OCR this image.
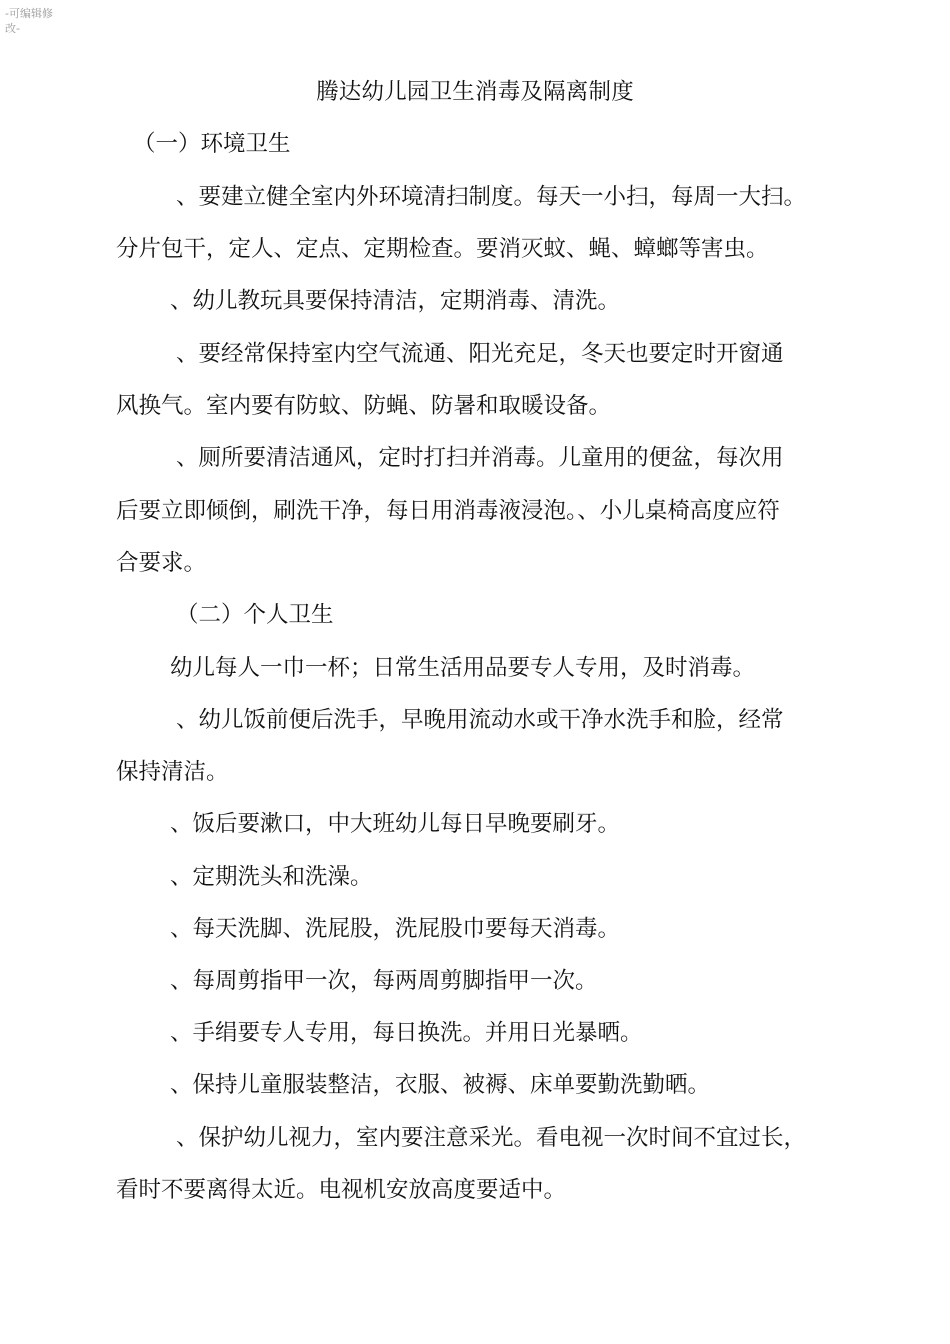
-可编辑修改-
腾达幼儿园卫生消毒及隔离制度
（一）环境卫生
、要建立健全室内外环境清扫制度。每天一小扫，每周一大扫。
分片包干，定人、定点、定期检查。要消灭蚊、蝇、蟑螂等害虫。
、幼儿教玩具要保持清洁，定期消毒、清洗。
、要经常保持室内空气流通、阳光充足，冬天也要定时开窗通
风换气。室内要有防蚊、防蝇、防暑和取暖设备。
、厕所要清洁通风，定时打扫并消毒。儿童用的便盆，每次用
后要立即倾倒，刷洗干净，每日用消毒液浸泡。、小儿桌椅高度应符
合要求。
（二）个人卫生
幼儿每人一巾一杯；日常生活用品要专人专用，及时消毒。
、幼儿饭前便后洗手，早晚用流动水或干净水洗手和脸，经常
保持清洁。
、饭后要漱口，中大班幼儿每日早晚要刷牙。
、定期洗头和洗澡。
、每天洗脚、洗屁股，洗屁股巾要每天消毒。
、每周剪指甲一次，每两周剪脚指甲一次。
、手绢要专人专用，每日换洗。并用日光暴晒。
、保持儿童服装整洁，衣服、被褥、床单要勤洗勤晒。
、保护幼儿视力，室内要注意采光。看电视一次时间不宜过长，
看时不要离得太近。电视机安放高度要适中。
